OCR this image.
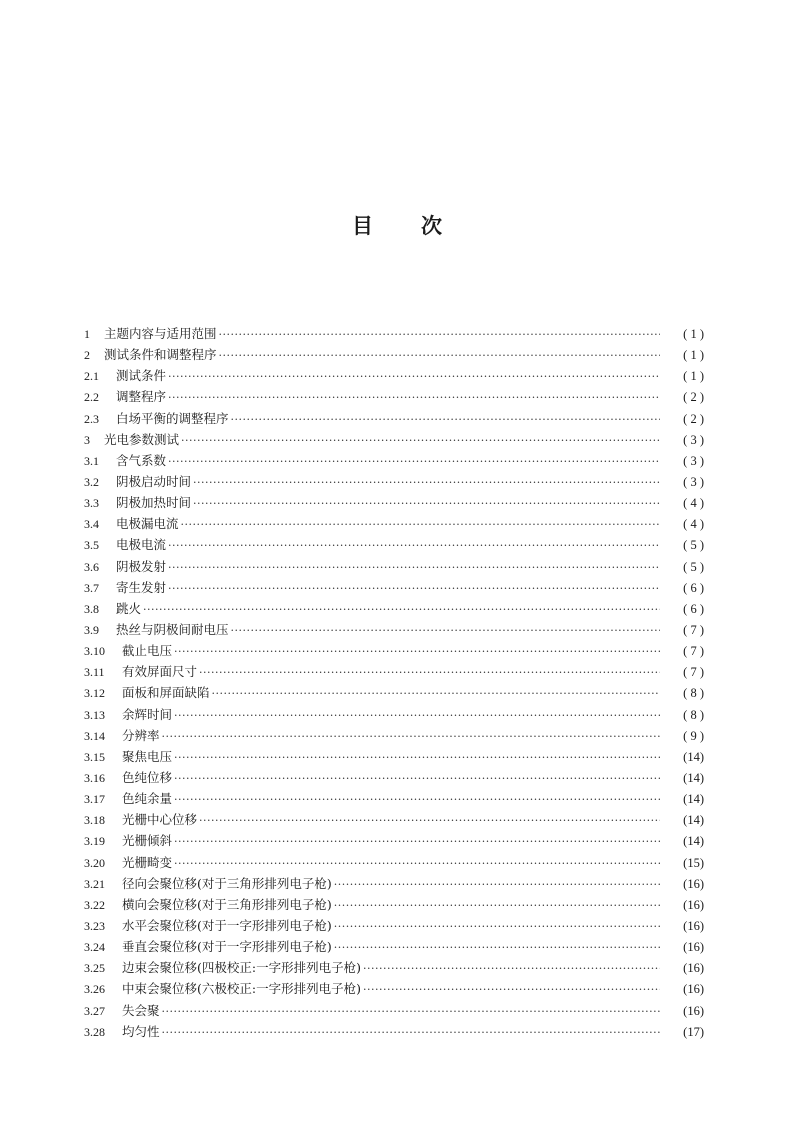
目 次
1	主题内容与适用范围 ·····	( 1 )
2	测试条件和调整程序 ·····	( 1 )
2.1	测试条件 ·····	( 1 )
2.2	调整程序 ·····	( 2 )
2.3	白场平衡的调整程序 ·····	( 2 )
3	光电参数测试 ·····	( 3 )
3.1	含气系数 ·····	( 3 )
3.2	阴极启动时间 ·····	( 3 )
3.3	阴极加热时间 ·····	( 4 )
3.4	电极漏电流 ·····	( 4 )
3.5	电极电流 ·····	( 5 )
3.6	阴极发射 ·····	( 5 )
3.7	寄生发射 ·····	( 6 )
3.8	跳火 ·····	( 6 )
3.9	热丝与阴极间耐电压 ·····	( 7 )
3.10	截止电压 ·····	( 7 )
3.11	有效屏面尺寸 ·····	( 7 )
3.12	面板和屏面缺陷 ·····	( 8 )
3.13	余辉时间 ·····	( 8 )
3.14	分辨率 ·····	( 9 )
3.15	聚焦电压 ·····	(14)
3.16	色纯位移 ·····	(14)
3.17	色纯余量 ·····	(14)
3.18	光栅中心位移 ·····	(14)
3.19	光栅倾斜 ·····	(14)
3.20	光栅畸变 ·····	(15)
3.21	径向会聚位移(对于三角形排列电子枪) ·····	(16)
3.22	横向会聚位移(对于三角形排列电子枪) ·····	(16)
3.23	水平会聚位移(对于一字形排列电子枪) ·····	(16)
3.24	垂直会聚位移(对于一字形排列电子枪) ·····	(16)
3.25	边束会聚位移(四极校正:一字形排列电子枪) ·····	(16)
3.26	中束会聚位移(六极校正:一字形排列电子枪) ·····	(16)
3.27	失会聚 ·····	(16)
3.28	均匀性 ·····	(17)
